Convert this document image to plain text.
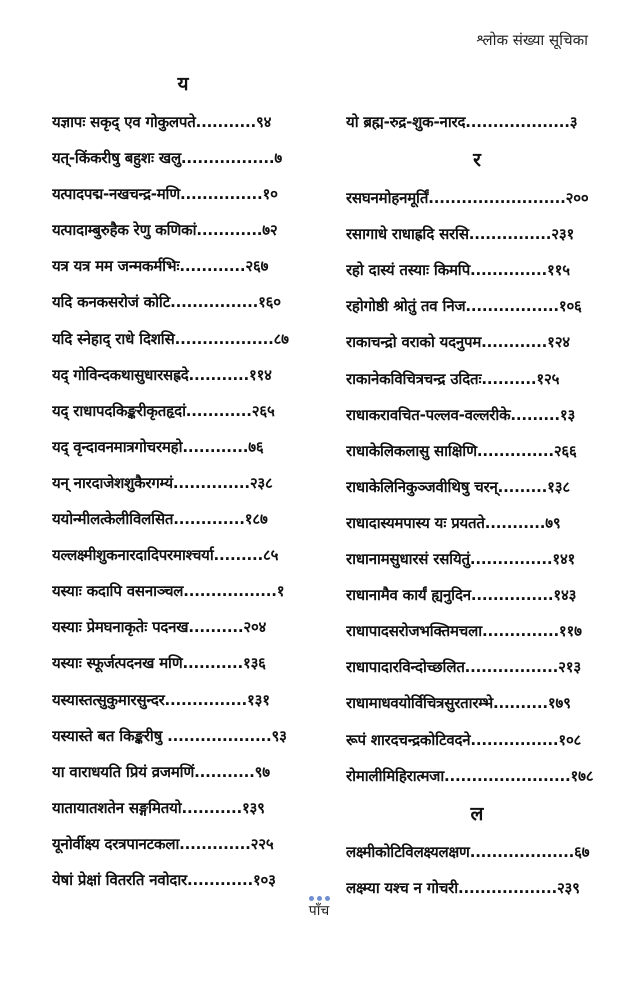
श्लोक संख्या सूचिका
य
यज्ञापः सकृद् एव गोकुलपते...........९४
यत्-किंकरीषु बहुशः खलु.................७
यत्पादपद्म-नखचन्द्र-मणि...............१०
यत्पादाम्बुरुहैक रेणु कणिकां............७२
यत्र यत्र मम जन्मकर्मभिः............२६७
यदि कनकसरोजं कोटि................१६०
यदि स्नेहाद् राधे दिशसि..................८७
यद् गोविन्दकथासुधारसह्रदे...........११४
यद् राधापदकिङ्करीकृतहृदां............२६५
यद् वृन्दावनमात्रगोचरमहो............७६
यन् नारदाजेशशुकैरगम्यं..............२३८
ययोन्मीलत्केलीविलसित.............१८७
यल्लक्ष्मीशुकनारदादिपरमाश्चर्या.........८५
यस्याः कदापि वसनाञ्चल.................१
यस्याः प्रेमघनाकृतेः पदनख..........२०४
यस्याः स्फूर्जत्पदनख मणि...........१३६
यस्यास्तत्सुकुमारसुन्दर...............१३१
यस्यास्ते बत किङ्करीषु ...................९३
या वाराधयति प्रियं व्रजमणिं...........९७
यातायातशतेन सङ्गमितयो...........१३९
यूनोर्वीक्ष्य दरत्रपानटकला.............२२५
येषां प्रेक्षां वितरति नवोदार............१०३
यो ब्रह्म-रुद्र-शुक-नारद...................३
र
रसघनमोहनमूर्तिं.........................२००
रसागाधे राधाह्रदि सरसि...............२३१
रहो दास्यं तस्याः किमपि..............११५
रहोगोष्ठी श्रोतुं तव निज.................१०६
राकाचन्द्रो वराको यदनुपम............१२४
राकानेकविचित्रचन्द्र उदितः..........१२५
राधाकरावचित-पल्लव-वल्लरीके.........१३
राधाकेलिकलासु साक्षिणि..............२६६
राधाकेलिनिकुञ्जवीथिषु चरन्.........१३८
राधादास्यमपास्य यः प्रयतते...........७९
राधानामसुधारसं रसयितुं...............१४१
राधानामैव कार्यं ह्यनुदिन...............१४३
राधापादसरोजभक्तिमचला..............११७
राधापादारविन्दोच्छलित.................२१३
राधामाधवयोर्विचित्रसुरतारम्भे..........१७९
रूपं शारदचन्द्रकोटिवदने................१०८
रोमालीमिहिरात्मजा.......................१७८
ल
लक्ष्मीकोटिविलक्ष्यलक्षण...................६७
लक्ष्म्या यश्च न गोचरी..................२३९
पाँच
